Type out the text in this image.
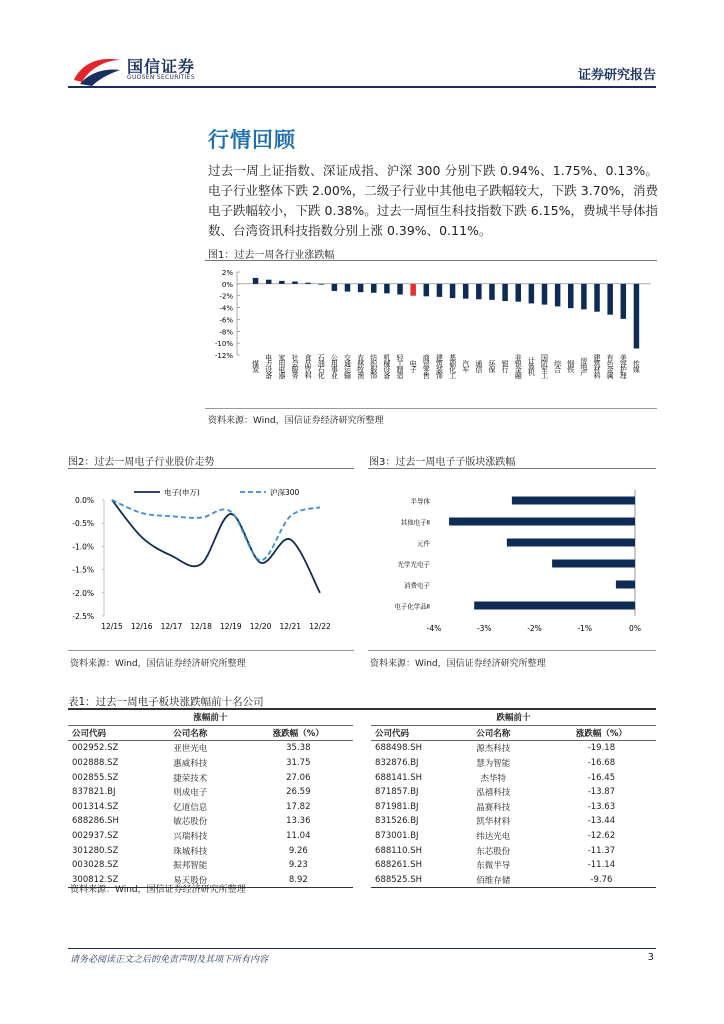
国信证券
GUOSEN SECURITIES	证券研究报告
行情回顾
过去一周上证指数、深证成指、沪深 300 分别下跌 0.94%、1.75%、0.13%。电子行业整体下跌 2.00%，二级子行业中其他电子跌幅较大，下跌 3.70%，消费电子跌幅较小，下跌 0.38%。过去一周恒生科技指数下跌 6.15%，费城半导体指数、台湾资讯科技指数分别上涨 0.39%、0.11%。
图1：过去一周各行业涨跌幅
2%
0%
-2%
-4%
-6%
-8%
-10%
-12%
煤炭 电力设备 家用电器 社会服务 食品饮料 石油石化 公用事业 交通运输 农林牧渔 纺织服饰 机械设备 轻工制造 电子 商贸零售 建筑装饰 基础化工 汽车 通信 环保 银行 非银金融 计算机 国防军工 综合 钢铁 房地产 建筑材料 有色金属 美容护理 传媒
资料来源：Wind，国信证券经济研究所整理
图2：过去一周电子行业股价走势
0.0%
-0.5%
-1.0%
-1.5%
-2.0%
-2.5%
12/15 12/16 12/17 12/18 12/19 12/20 12/21 12/22
电子(申万)	沪深300
资料来源：Wind，国信证券经济研究所整理
图3：过去一周电子子版块涨跌幅
-4%	-3%	-2%	-1%	0%
半导体
其他电子Ⅱ
元件
光学光电子
消费电子
电子化学品Ⅱ
资料来源：Wind，国信证券经济研究所整理
表1：过去一周电子板块涨跌幅前十名公司
涨幅前十				跌幅前十		
公司代码	公司名称	涨跌幅（%）		公司代码	公司名称	涨跌幅（%）
002952.SZ	亚世光电	35.38		688498.SH	源杰科技	-19.18
002888.SZ	惠威科技	31.75		832876.BJ	慧为智能	-16.68
002855.SZ	捷荣技术	27.06		688141.SH	杰华特	-16.45
837821.BJ	则成电子	26.59		871857.BJ	泓禧科技	-13.87
001314.SZ	亿道信息	17.82		871981.BJ	晶赛科技	-13.63
688286.SH	敏芯股份	13.36		831526.BJ	凯华材料	-13.44
002937.SZ	兴瑞科技	11.04		873001.BJ	纬达光电	-12.62
301280.SZ	珠城科技	9.26		688110.SH	东芯股份	-11.37
003028.SZ	振邦智能	9.23		688261.SH	东微半导	-11.14
300812.SZ	易天股份	8.92		688525.SH	佰维存储	-9.76
资料来源：Wind，国信证券经济研究所整理
请务必阅读正文之后的免责声明及其项下所有内容	3
